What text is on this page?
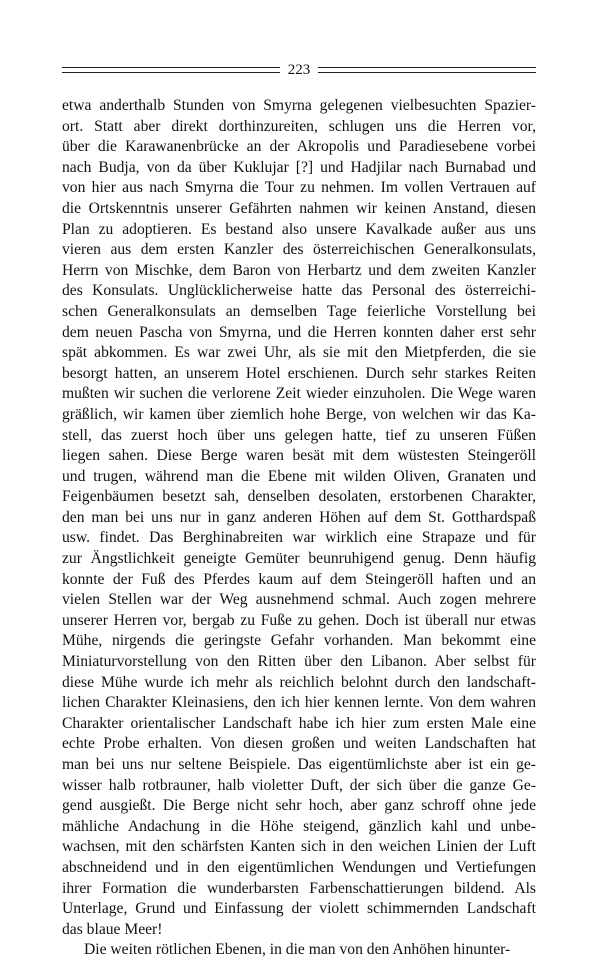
223
etwa anderthalb Stunden von Smyrna gelegenen vielbesuchten Spazier-
ort. Statt aber direkt dorthinzureiten, schlugen uns die Herren vor,
über die Karawanenbrücke an der Akropolis und Paradiesebene vorbei
nach Budja, von da über Kuklujar [?] und Hadjilar nach Burnabad und
von hier aus nach Smyrna die Tour zu nehmen. Im vollen Vertrauen auf
die Ortskenntnis unserer Gefährten nahmen wir keinen Anstand, diesen
Plan zu adoptieren. Es bestand also unsere Kavalkade außer aus uns
vieren aus dem ersten Kanzler des österreichischen Generalkonsulats,
Herrn von Mischke, dem Baron von Herbartz und dem zweiten Kanzler
des Konsulats. Unglücklicherweise hatte das Personal des österreichi-
schen Generalkonsulats an demselben Tage feierliche Vorstellung bei
dem neuen Pascha von Smyrna, und die Herren konnten daher erst sehr
spät abkommen. Es war zwei Uhr, als sie mit den Mietpferden, die sie
besorgt hatten, an unserem Hotel erschienen. Durch sehr starkes Reiten
mußten wir suchen die verlorene Zeit wieder einzuholen. Die Wege waren
gräßlich, wir kamen über ziemlich hohe Berge, von welchen wir das Ka-
stell, das zuerst hoch über uns gelegen hatte, tief zu unseren Füßen
liegen sahen. Diese Berge waren besät mit dem wüstesten Steingeröll
und trugen, während man die Ebene mit wilden Oliven, Granaten und
Feigenbäumen besetzt sah, denselben desolaten, erstorbenen Charakter,
den man bei uns nur in ganz anderen Höhen auf dem St. Gotthardspaß
usw. findet. Das Berghinabreiten war wirklich eine Strapaze und für
zur Ängstlichkeit geneigte Gemüter beunruhigend genug. Denn häufig
konnte der Fuß des Pferdes kaum auf dem Steingeröll haften und an
vielen Stellen war der Weg ausnehmend schmal. Auch zogen mehrere
unserer Herren vor, bergab zu Fuße zu gehen. Doch ist überall nur etwas
Mühe, nirgends die geringste Gefahr vorhanden. Man bekommt eine
Miniaturvorstellung von den Ritten über den Libanon. Aber selbst für
diese Mühe wurde ich mehr als reichlich belohnt durch den landschaft-
lichen Charakter Kleinasiens, den ich hier kennen lernte. Von dem wahren
Charakter orientalischer Landschaft habe ich hier zum ersten Male eine
echte Probe erhalten. Von diesen großen und weiten Landschaften hat
man bei uns nur seltene Beispiele. Das eigentümlichste aber ist ein ge-
wisser halb rotbrauner, halb violetter Duft, der sich über die ganze Ge-
gend ausgießt. Die Berge nicht sehr hoch, aber ganz schroff ohne jede
mähliche Andachung in die Höhe steigend, gänzlich kahl und unbe-
wachsen, mit den schärfsten Kanten sich in den weichen Linien der Luft
abschneidend und in den eigentümlichen Wendungen und Vertiefungen
ihrer Formation die wunderbarsten Farbenschattierungen bildend. Als
Unterlage, Grund und Einfassung der violett schimmernden Landschaft
das blaue Meer!
Die weiten rötlichen Ebenen, in die man von den Anhöhen hinunter-
